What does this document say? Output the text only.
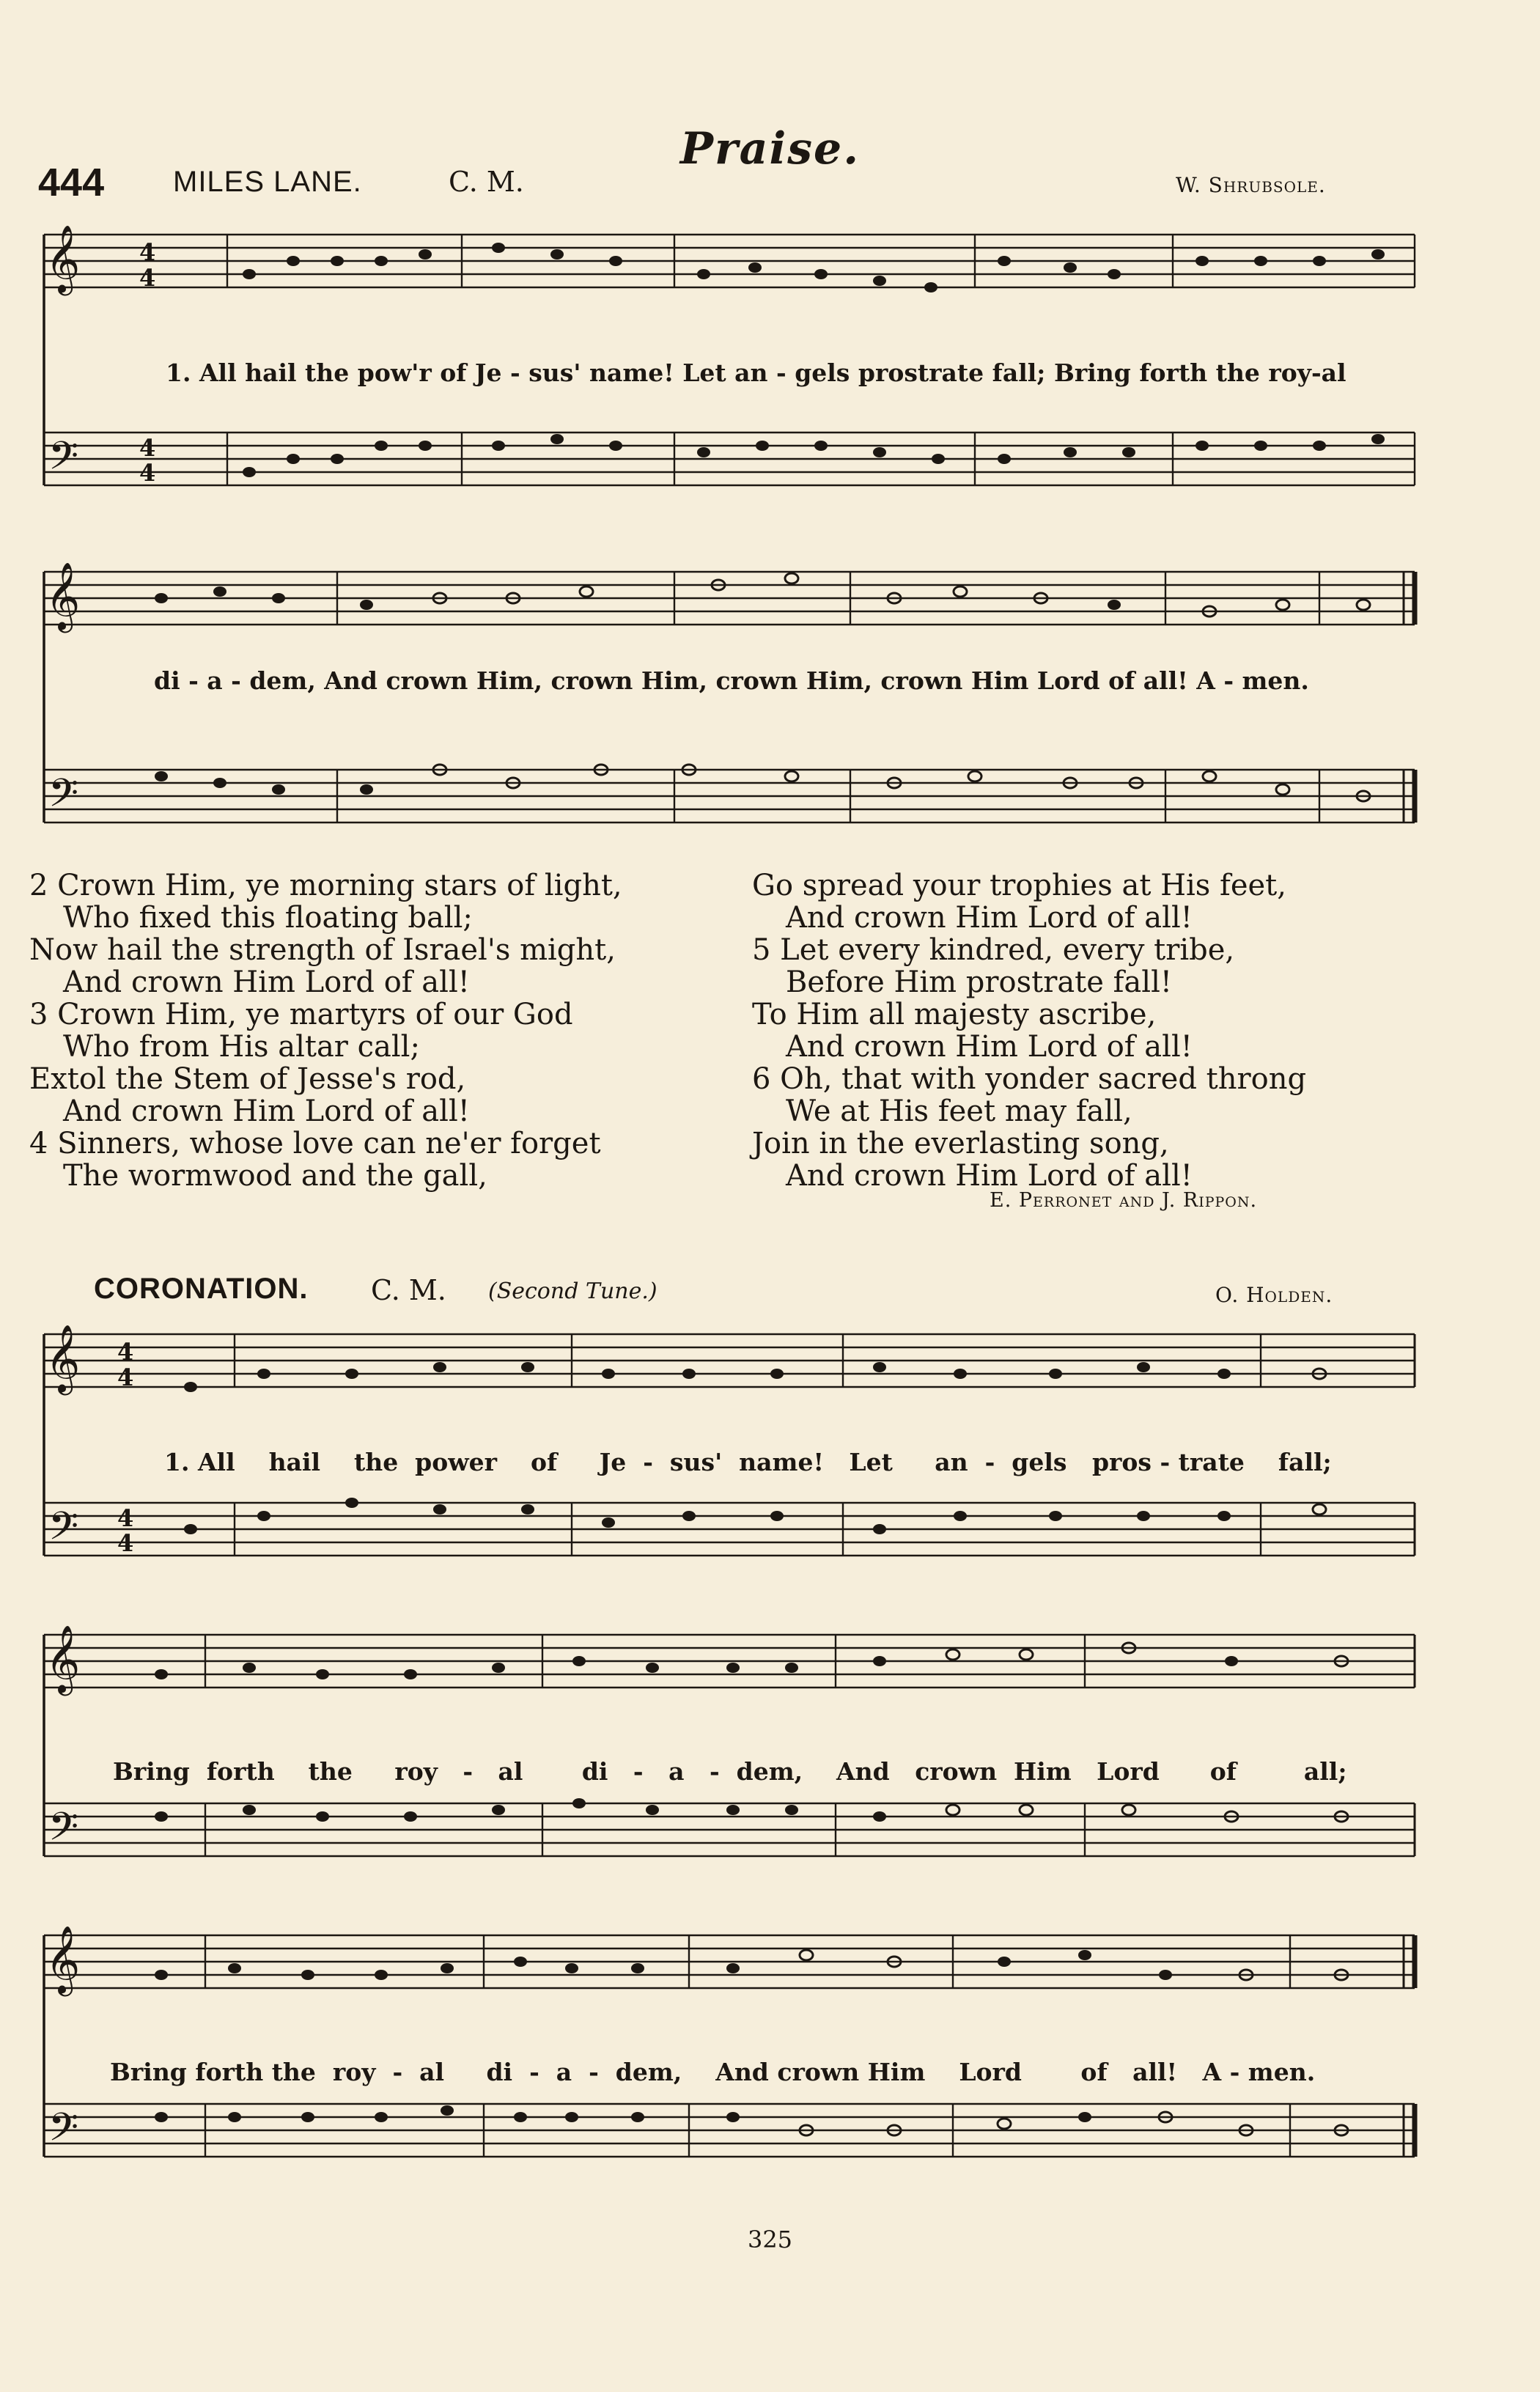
Praise.
444 MILES LANE.	C. M.	W. Shrubsole.
𝄞	4
4
𝄢	4
4
1. All hail the pow'r of Je - sus' name! Let an - gels prostrate fall; Bring forth the roy-al
𝄞
𝄢
di - a - dem, And crown Him, crown Him, crown Him, crown Him Lord of all! A - men.
2 Crown Him, ye morning stars of light,
Who fixed this floating ball;
Now hail the strength of Israel's might,
And crown Him Lord of all!
3 Crown Him, ye martyrs of our God
Who from His altar call;
Extol the Stem of Jesse's rod,
And crown Him Lord of all!
4 Sinners, whose love can ne'er forget
The wormwood and the gall,
Go spread your trophies at His feet,
And crown Him Lord of all!
5 Let every kindred, every tribe,
Before Him prostrate fall!
To Him all majesty ascribe,
And crown Him Lord of all!
6 Oh, that with yonder sacred throng
We at His feet may fall,
Join in the everlasting song,
And crown Him Lord of all!
E. Perronet and J. Rippon.
CORONATION. C. M. (Second Tune.)	O. Holden.
𝄞 4
4
𝄢 4
4
1. All    hail    the  power    of     Je  -  sus'  name!   Let     an  -  gels   pros - trate    fall;
𝄞
𝄢
Bring  forth    the     roy   -   al       di   -   a   -  dem,    And   crown  Him   Lord      of        all;
𝄞
𝄢
Bring forth the  roy  -  al     di  -  a  -  dem,    And crown Him    Lord       of   all!   A - men.
325
